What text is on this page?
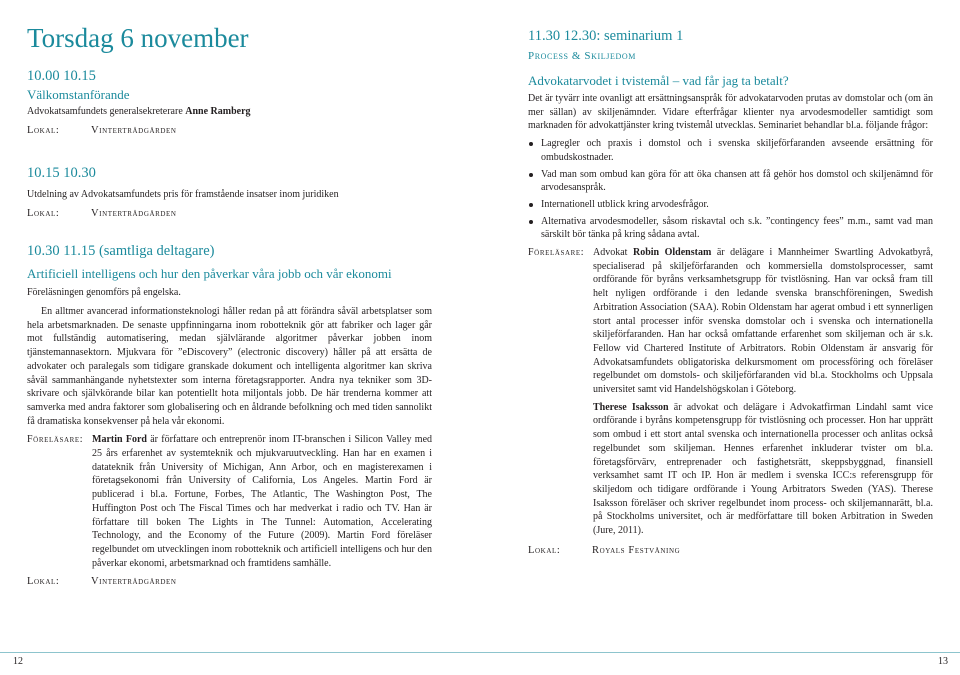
Torsdag 6 november
10.00 10.15
Välkomstanförande
Advokatsamfundets generalsekreterare Anne Ramberg
Lokal:	Vinterträdgården
10.15 10.30
Utdelning av Advokatsamfundets pris för framstående insatser inom juridiken
Lokal:	Vinterträdgården
10.30 11.15 (samtliga deltagare)
Artificiell intelligens och hur den påverkar våra jobb och vår ekonomi
Föreläsningen genomförs på engelska.
En alltmer avancerad informationsteknologi håller redan på att förändra såväl arbetsplatser som hela arbetsmarknaden. De senaste uppfinningarna inom robotteknik gör att fabriker och lager går mot fullständig automatisering, medan självlärande algoritmer påverkar jobben inom tjänstemannasektorn. Mjukvara för ”eDiscovery” (electronic discovery) håller på att ersätta de advokater och paralegals som tidigare granskade dokument och intelligenta algoritmer kan skriva såväl sammanhängande nyhetstexter som interna företagsrapporter. Andra nya tekniker som 3D-skrivare och självkörande bilar kan potentiellt hota miljontals jobb. De här trenderna kommer att samverka med andra faktorer som globalisering och en åldrande befolkning och med tiden sannolikt få dramatiska konsekvenser på hela vår ekonomi.
Föreläsare: Martin Ford är författare och entreprenör inom IT-branschen i Silicon Valley med 25 års erfarenhet av systemteknik och mjukvaruutveckling. Han har en examen i datateknik från University of Michigan, Ann Arbor, och en magisterexamen i företagsekonomi från University of California, Los Angeles. Martin Ford är publicerad i bl.a. Fortune, Forbes, The Atlantic, The Washington Post, The Huffington Post och The Fiscal Times och har medverkat i radio och TV. Han är författare till boken The Lights in The Tunnel: Automation, Accelerating Technology, and the Economy of the Future (2009). Martin Ford föreläser regelbundet om utvecklingen inom robotteknik och artificiell intelligens och hur den påverkar ekonomi, arbetsmarknad och framtidens samhälle.
Lokal:	Vinterträdgården
11.30 12.30: seminarium 1
Process & Skiljedom
Advokatarvodet i tvistemål – vad får jag ta betalt?
Det är tyvärr inte ovanligt att ersättningsanspråk för advokatarvoden prutas av domstolar och (om än mer sällan) av skiljenämnder. Vidare efterfrågar klienter nya arvodesmodeller samtidigt som marknaden för advokattjänster kring tvistemål utvecklas. Seminariet behandlar bl.a. följande frågor:
Lagregler och praxis i domstol och i svenska skiljeförfaranden avseende ersättning för ombudskostnader.
Vad man som ombud kan göra för att öka chansen att få gehör hos domstol och skiljenämnd för arvodesanspråk.
Internationell utblick kring arvodesfrågor.
Alternativa arvodesmodeller, såsom riskavtal och s.k. ”contingency fees” m.m., samt vad man särskilt bör tänka på kring sådana avtal.
Föreläsare: Advokat Robin Oldenstam är delägare i Mannheimer Swartling Advokatbyrå, specialiserad på skiljeförfaranden och kommersiella domstolsprocesser, samt ordförande för byråns verksamhetsgrupp för tvistlösning. Han var också fram till helt nyligen ordförande i den ledande svenska branschföreningen, Swedish Arbitration Association (SAA). Robin Oldenstam har agerat ombud i ett synnerligen stort antal processer inför svenska domstolar och i svenska och internationella skiljeförfaranden. Han har också omfattande erfarenhet som skiljeman och är s.k. Fellow vid Chartered Institute of Arbitrators. Robin Oldenstam är ansvarig för Advokatsamfundets obligatoriska delkursmoment om processföring och föreläser regelbundet om domstols- och skiljeförfaranden vid bl.a. Stockholms och Uppsala universitet samt vid Handelshögskolan i Göteborg.
Therese Isaksson är advokat och delägare i Advokatfirman Lindahl samt vice ordförande i byråns kompetensgrupp för tvistlösning och processer. Hon har upprätt som ombud i ett stort antal svenska och internationella processer och anlitas också regelbundet som skiljeman. Hennes erfarenhet inkluderar tvister om bl.a. företagsförvärv, entreprenader och fastighetsrätt, skeppsbyggnad, finansiell verksamhet samt IT och IP. Hon är medlem i svenska ICC:s referensgrupp för skiljedom och tidigare ordförande i Young Arbitrators Sweden (YAS). Therese Isaksson föreläser och skriver regelbundet inom process- och skiljemannarätt, bl.a. på Stockholms universitet, och är medförfattare till boken Arbitration in Sweden (Jure, 2011).
Lokal:	Royals Festvåning
12	13
